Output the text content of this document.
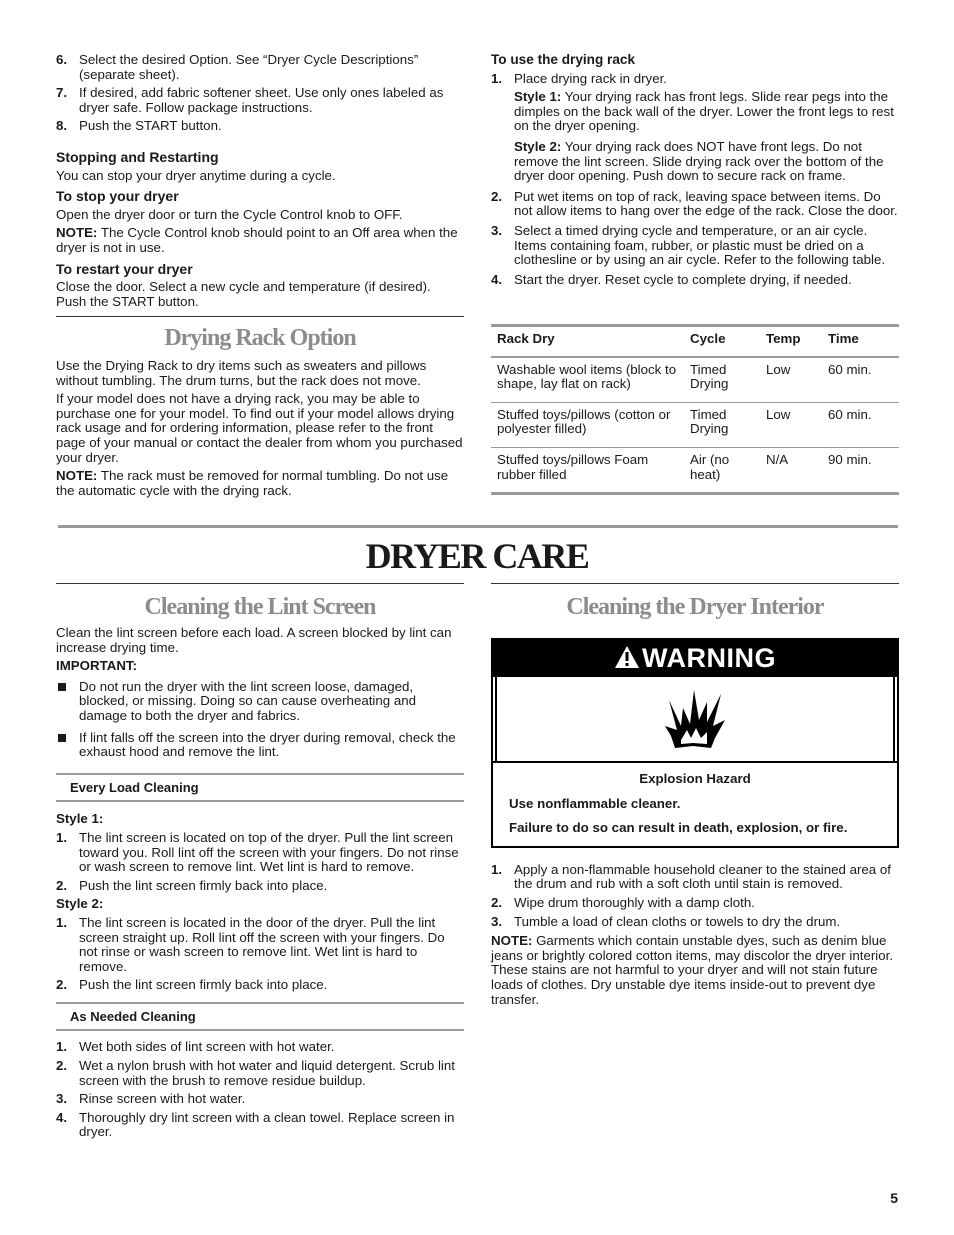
6. Select the desired Option. See “Dryer Cycle Descriptions” (separate sheet).
7. If desired, add fabric softener sheet. Use only ones labeled as dryer safe. Follow package instructions.
8. Push the START button.

Stopping and Restarting

You can stop your dryer anytime during a cycle.

To stop your dryer

Open the dryer door or turn the Cycle Control knob to OFF.

NOTE: The Cycle Control knob should point to an Off area when the dryer is not in use.

To restart your dryer

Close the door. Select a new cycle and temperature (if desired). Push the START button.

Drying Rack Option

Use the Drying Rack to dry items such as sweaters and pillows without tumbling. The drum turns, but the rack does not move.

If your model does not have a drying rack, you may be able to purchase one for your model. To find out if your model allows drying rack usage and for ordering information, please refer to the front page of your manual or contact the dealer from whom you purchased your dryer.

NOTE: The rack must be removed for normal tumbling. Do not use the automatic cycle with the drying rack.

To use the drying rack

1. Place drying rack in dryer.

Style 1: Your drying rack has front legs. Slide rear pegs into the dimples on the back wall of the dryer. Lower the front legs to rest on the dryer opening.

Style 2: Your drying rack does NOT have front legs. Do not remove the lint screen. Slide drying rack over the bottom of the dryer door opening. Push down to secure rack on frame.

2. Put wet items on top of rack, leaving space between items. Do not allow items to hang over the edge of the rack. Close the door.
3. Select a timed drying cycle and temperature, or an air cycle. Items containing foam, rubber, or plastic must be dried on a clothesline or by using an air cycle. Refer to the following table.
4. Start the dryer. Reset cycle to complete drying, if needed.
Rack Dry	Cycle	Temp	Time
Washable wool items (block to shape, lay flat on rack)	Timed Drying	Low	60 min.
Stuffed toys/pillows (cotton or polyester filled)	Timed Drying	Low	60 min.
Stuffed toys/pillows Foam rubber filled	Air (no heat)	N/A	90 min.
DRYER CARE
Cleaning the Lint Screen

Clean the lint screen before each load. A screen blocked by lint can increase drying time.

IMPORTANT:

Do not run the dryer with the lint screen loose, damaged, blocked, or missing. Doing so can cause overheating and damage to both the dryer and fabrics.
If lint falls off the screen into the dryer during removal, check the exhaust hood and remove the lint.
Every Load Cleaning

Style 1:

1. The lint screen is located on top of the dryer. Pull the lint screen toward you. Roll lint off the screen with your fingers. Do not rinse or wash screen to remove lint. Wet lint is hard to remove.
2. Push the lint screen firmly back into place.

Style 2:

1. The lint screen is located in the door of the dryer. Pull the lint screen straight up. Roll lint off the screen with your fingers. Do not rinse or wash screen to remove lint. Wet lint is hard to remove.
2. Push the lint screen firmly back into place.
As Needed Cleaning
1. Wet both sides of lint screen with hot water.
2. Wet a nylon brush with hot water and liquid detergent. Scrub lint screen with the brush to remove residue buildup.
3. Rinse screen with hot water.
4. Thoroughly dry lint screen with a clean towel. Replace screen in dryer.
Cleaning the Dryer Interior
WARNING

Explosion Hazard

Use nonflammable cleaner.

Failure to do so can result in death, explosion, or fire.

1. Apply a non-flammable household cleaner to the stained area of the drum and rub with a soft cloth until stain is removed.
2. Wipe drum thoroughly with a damp cloth.
3. Tumble a load of clean cloths or towels to dry the drum.

NOTE: Garments which contain unstable dyes, such as denim blue jeans or brightly colored cotton items, may discolor the dryer interior. These stains are not harmful to your dryer and will not stain future loads of clothes. Dry unstable dye items inside-out to prevent dye transfer.

5
